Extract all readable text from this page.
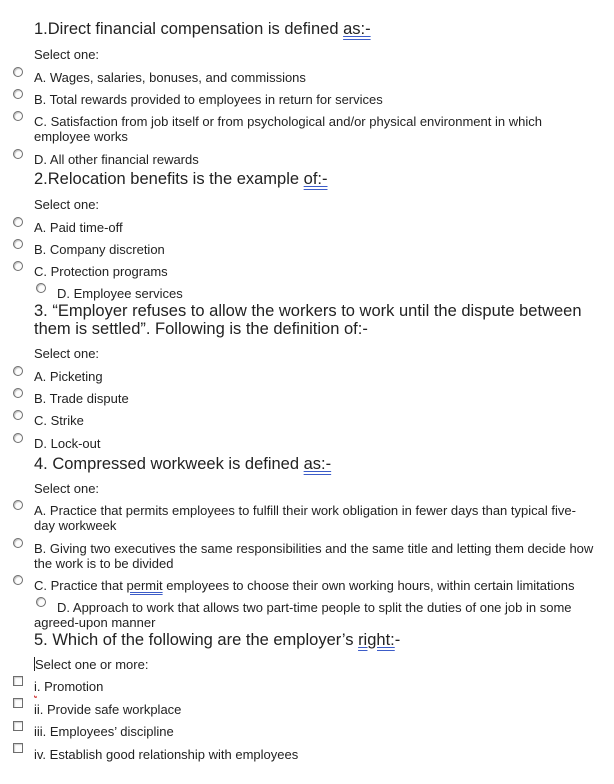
1.Direct financial compensation is defined as:-
Select one:
A. Wages, salaries, bonuses, and commissions
B. Total rewards provided to employees in return for services
C. Satisfaction from job itself or from psychological and/or physical environment in which employee works
D. All other financial rewards
2.Relocation benefits is the example of:-
Select one:
A. Paid time-off
B. Company discretion
C. Protection programs
D. Employee services
3. “Employer refuses to allow the workers to work until the dispute between them is settled”. Following is the definition of:-
Select one:
A. Picketing
B. Trade dispute
C. Strike
D. Lock-out
4. Compressed workweek is defined as:-
Select one:
A. Practice that permits employees to fulfill their work obligation in fewer days than typical five-day workweek
B. Giving two executives the same responsibilities and the same title and letting them decide how the work is to be divided
C. Practice that permit employees to choose their own working hours, within certain limitations
D. Approach to work that allows two part-time people to split the duties of one job in some agreed-upon manner
5. Which of the following are the employer’s right:-
Select one or more:
i. Promotion
ii. Provide safe workplace
iii. Employees’ discipline
iv. Establish good relationship with employees
